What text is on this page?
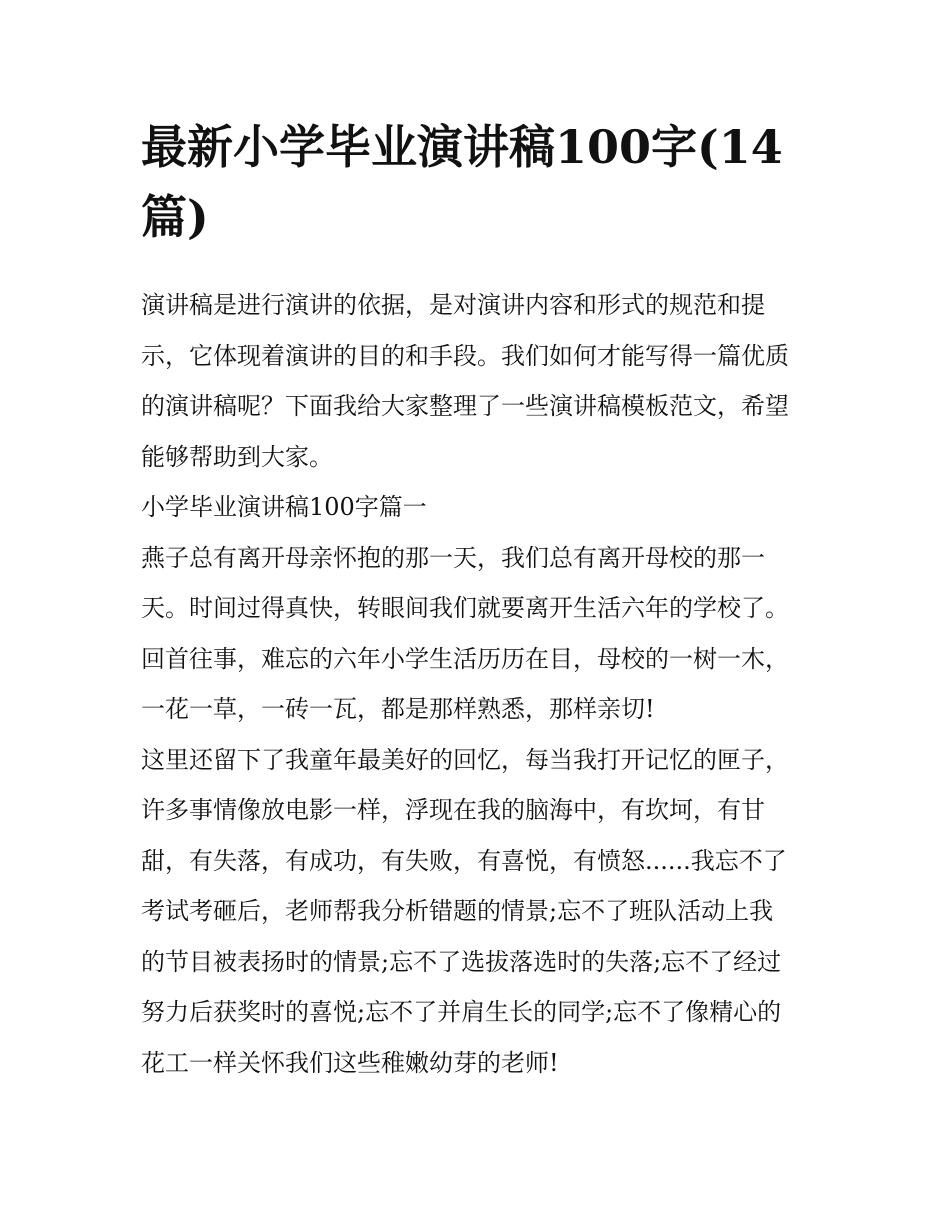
最新小学毕业演讲稿100字(14
篇)

演讲稿是进行演讲的依据，是对演讲内容和形式的规范和提
示，它体现着演讲的目的和手段。我们如何才能写得一篇优质
的演讲稿呢？下面我给大家整理了一些演讲稿模板范文，希望
能够帮助到大家。

小学毕业演讲稿100字篇一

燕子总有离开母亲怀抱的那一天，我们总有离开母校的那一
天。时间过得真快，转眼间我们就要离开生活六年的学校了。
回首往事，难忘的六年小学生活历历在目，母校的一树一木，
一花一草，一砖一瓦，都是那样熟悉，那样亲切!

这里还留下了我童年最美好的回忆，每当我打开记忆的匣子，
许多事情像放电影一样，浮现在我的脑海中，有坎坷，有甘
甜，有失落，有成功，有失败，有喜悦，有愤怒......我忘不了
考试考砸后，老师帮我分析错题的情景;忘不了班队活动上我
的节目被表扬时的情景;忘不了选拔落选时的失落;忘不了经过
努力后获奖时的喜悦;忘不了并肩生长的同学;忘不了像精心的
花工一样关怀我们这些稚嫩幼芽的老师!
